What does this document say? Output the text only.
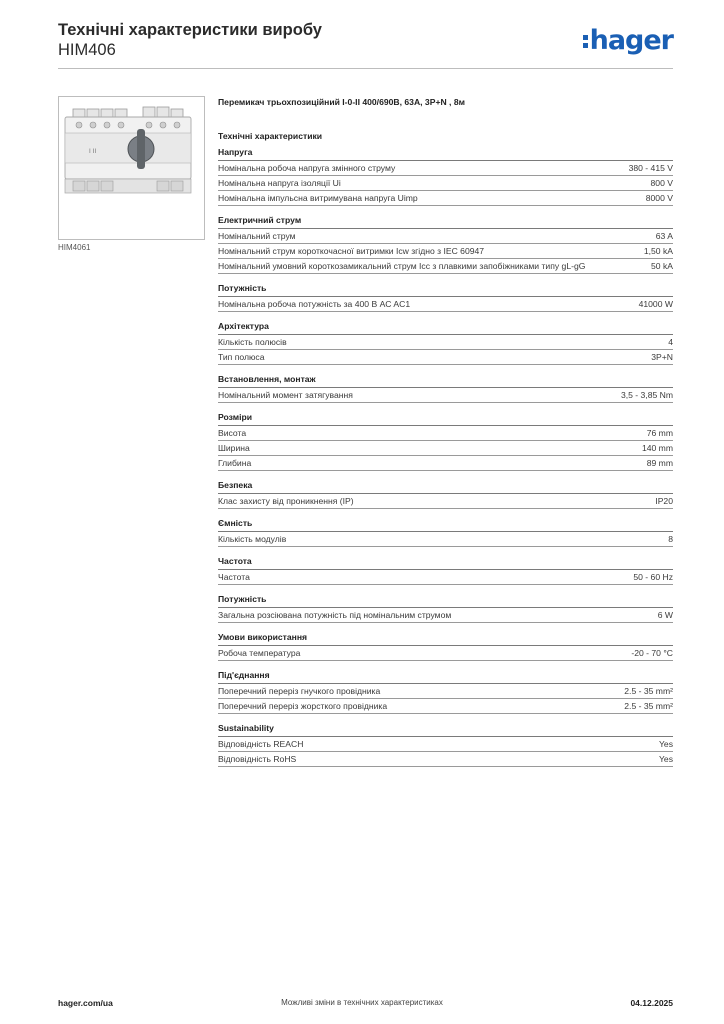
Технічні характеристики виробу
HIM406	hager
I II
HIM4061
Перемикач трьохпозиційний I-0-II 400/690В, 63А, 3Р+N , 8м
Технічні характеристики
Напруга
Номінальна робоча напруга змінного струму	380 - 415 V
Номінальна напруга ізоляції Ui	800 V
Номінальна імпульсна витримувана напруга Uimp	8000 V
Електричний струм
Номінальний струм	63 A
Номінальний струм короткочасної витримки Icw згідно з IEC 60947	1,50 kA
Номінальний умовний короткозамикальний струм Icc з плавкими запобіжниками типу gL-gG	50 kA
Потужність
Номінальна робоча потужність за 400 В AC AC1	41000 W
Архітектура
Кількість полюсів	4
Тип полюса	3P+N
Встановлення, монтаж
Номінальний момент затягування	3,5 - 3,85 Nm
Розміри
Висота	76 mm
Ширина	140 mm
Глибина	89 mm
Безпека
Клас захисту від проникнення (IP)	IP20
Ємність
Кількість модулів	8
Частота
Частота	50 - 60 Hz
Потужність
Загальна розсіювана потужність під номінальним струмом	6 W
Умови використання
Робоча температура	-20 - 70 °C
Під'єднання
Поперечний переріз гнучкого провідника	2.5 - 35 mm²
Поперечний переріз жорсткого провідника	2.5 - 35 mm²
Sustainability
Відповідність REACH	Yes
Відповідність RoHS	Yes
hager.com/ua	Можливі зміни в технічних характеристиках	04.12.2025
